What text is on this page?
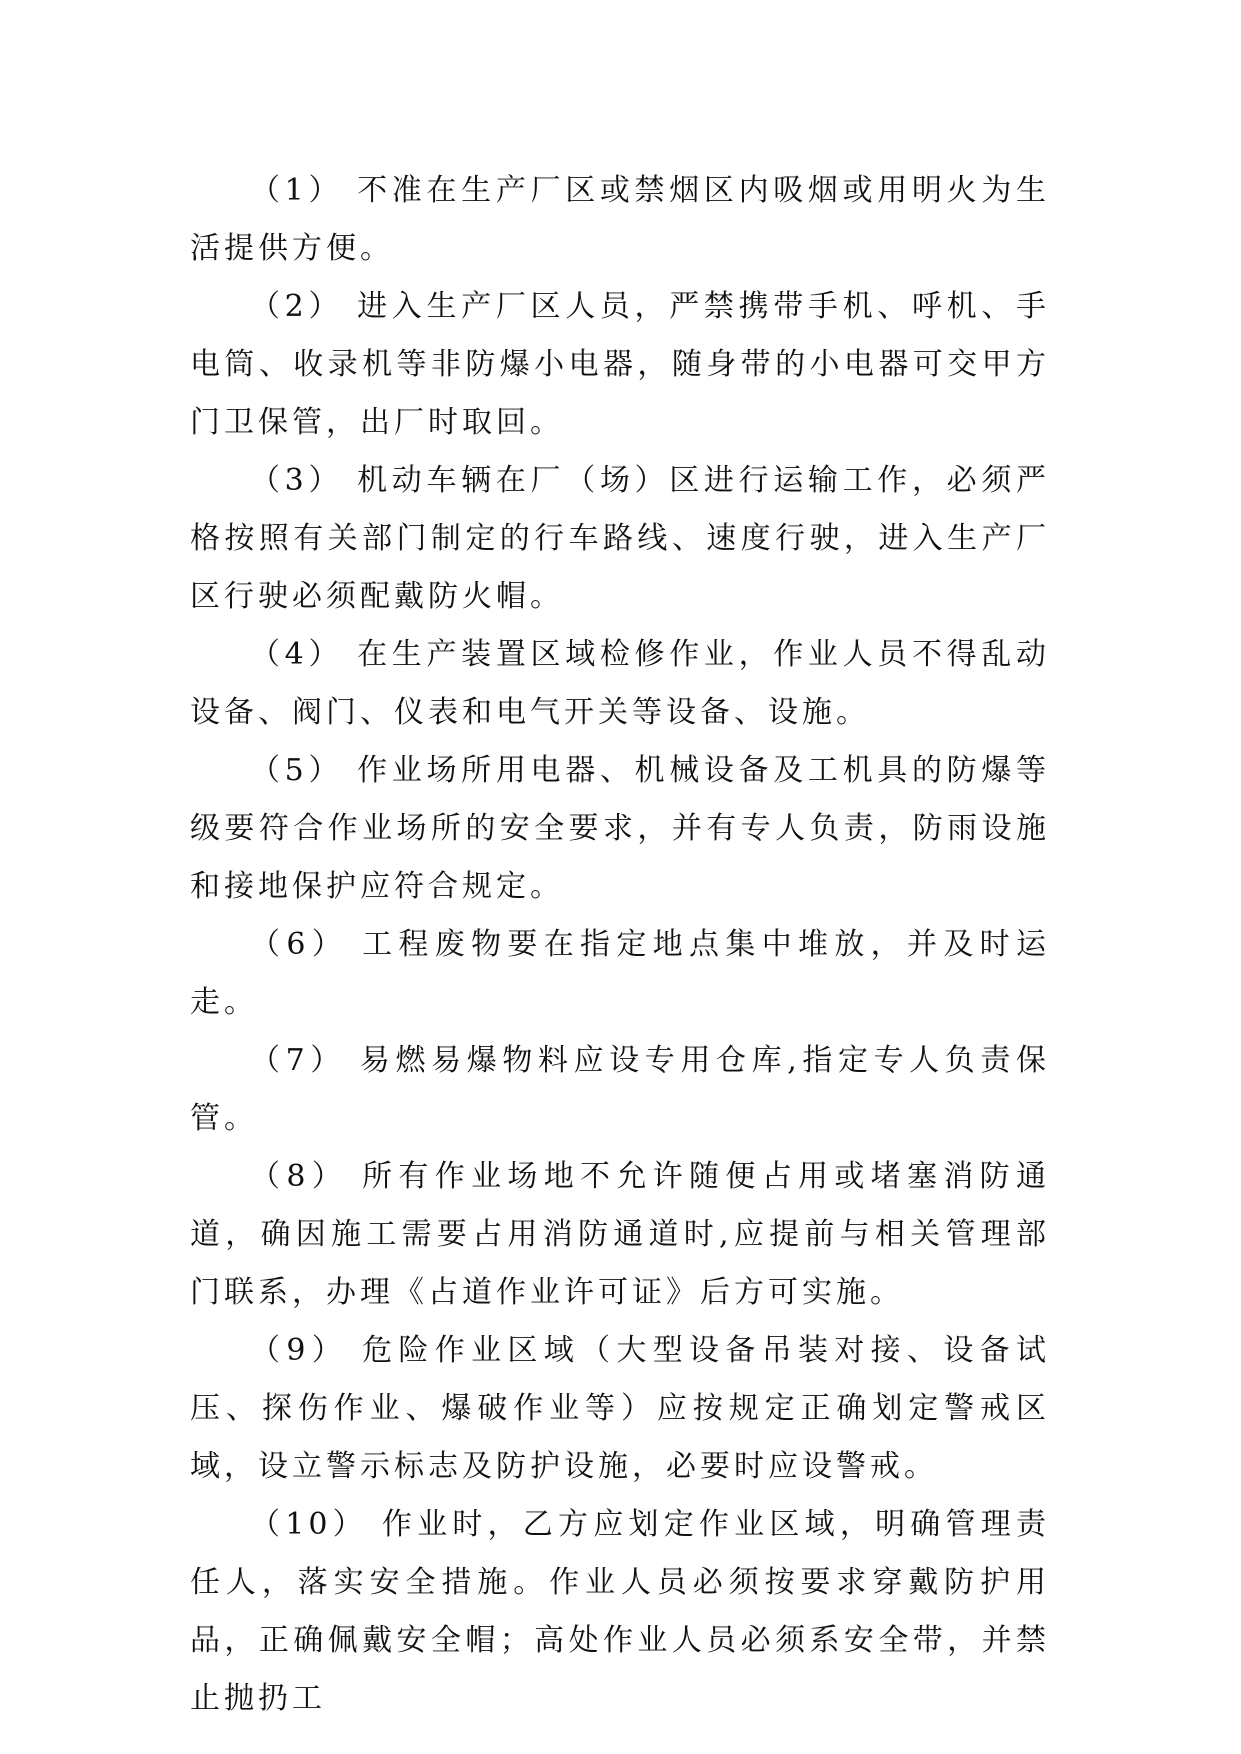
（1） 不准在生产厂区或禁烟区内吸烟或用明火为生活提供方便。

（2） 进入生产厂区人员，严禁携带手机、呼机、手电筒、收录机等非防爆小电器，随身带的小电器可交甲方门卫保管，出厂时取回。

（3） 机动车辆在厂（场）区进行运输工作，必须严格按照有关部门制定的行车路线、速度行驶，进入生产厂区行驶必须配戴防火帽。

（4） 在生产装置区域检修作业，作业人员不得乱动设备、阀门、仪表和电气开关等设备、设施。

（5） 作业场所用电器、机械设备及工机具的防爆等级要符合作业场所的安全要求，并有专人负责，防雨设施和接地保护应符合规定。

（6） 工程废物要在指定地点集中堆放，并及时运走。

（7） 易燃易爆物料应设专用仓库,指定专人负责保管。

（8） 所有作业场地不允许随便占用或堵塞消防通道，确因施工需要占用消防通道时,应提前与相关管理部门联系，办理《占道作业许可证》后方可实施。

（9） 危险作业区域（大型设备吊装对接、设备试压、探伤作业、爆破作业等）应按规定正确划定警戒区域，设立警示标志及防护设施，必要时应设警戒。

（10） 作业时，乙方应划定作业区域，明确管理责任人，落实安全措施。作业人员必须按要求穿戴防护用品，正确佩戴安全帽；高处作业人员必须系安全带，并禁止抛扔工
